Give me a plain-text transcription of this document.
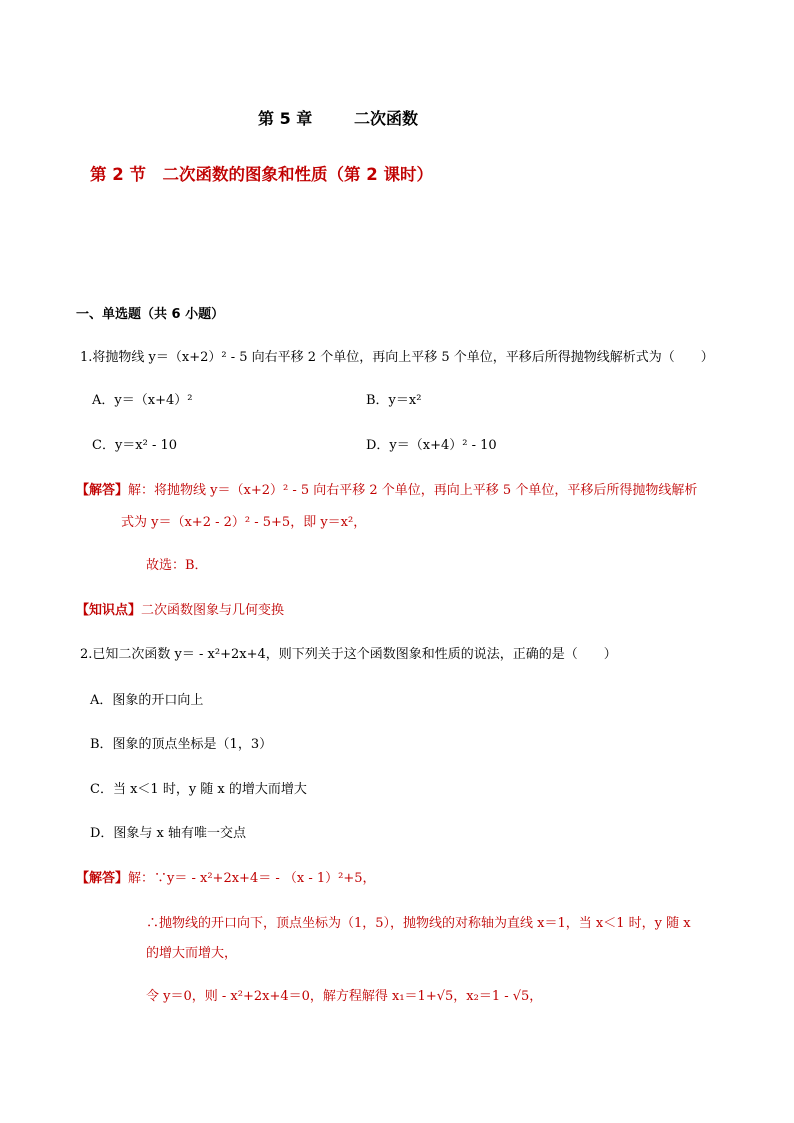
第 5 章	二次函数
第 2 节　二次函数的图象和性质（第 2 课时）
一、单选题（共 6 小题）
1.将抛物线 y＝（x+2）² - 5 向右平移 2 个单位，再向上平移 5 个单位，平移后所得抛物线解析式为（　　）
A．y＝（x+4）²	B．y＝x²
C．y＝x² - 10	D．y＝（x+4）² - 10
【解答】解：将抛物线 y＝（x+2）² - 5 向右平移 2 个单位，再向上平移 5 个单位，平移后所得抛物线解析
式为 y＝（x+2 - 2）² - 5+5，即 y＝x²，
故选：B．
【知识点】二次函数图象与几何变换
2.已知二次函数 y＝ - x²+2x+4，则下列关于这个函数图象和性质的说法，正确的是（　　）
A．图象的开口向上
B．图象的顶点坐标是（1，3）
C．当 x＜1 时，y 随 x 的增大而增大
D．图象与 x 轴有唯一交点
【解答】解：∵y＝ - x²+2x+4＝ - （x - 1）²+5，
∴抛物线的开口向下，顶点坐标为（1，5），抛物线的对称轴为直线 x＝1，当 x＜1 时，y 随 x
的增大而增大，
令 y＝0，则 - x²+2x+4＝0，解方程解得 x₁＝1+√5，x₂＝1 - √5，
